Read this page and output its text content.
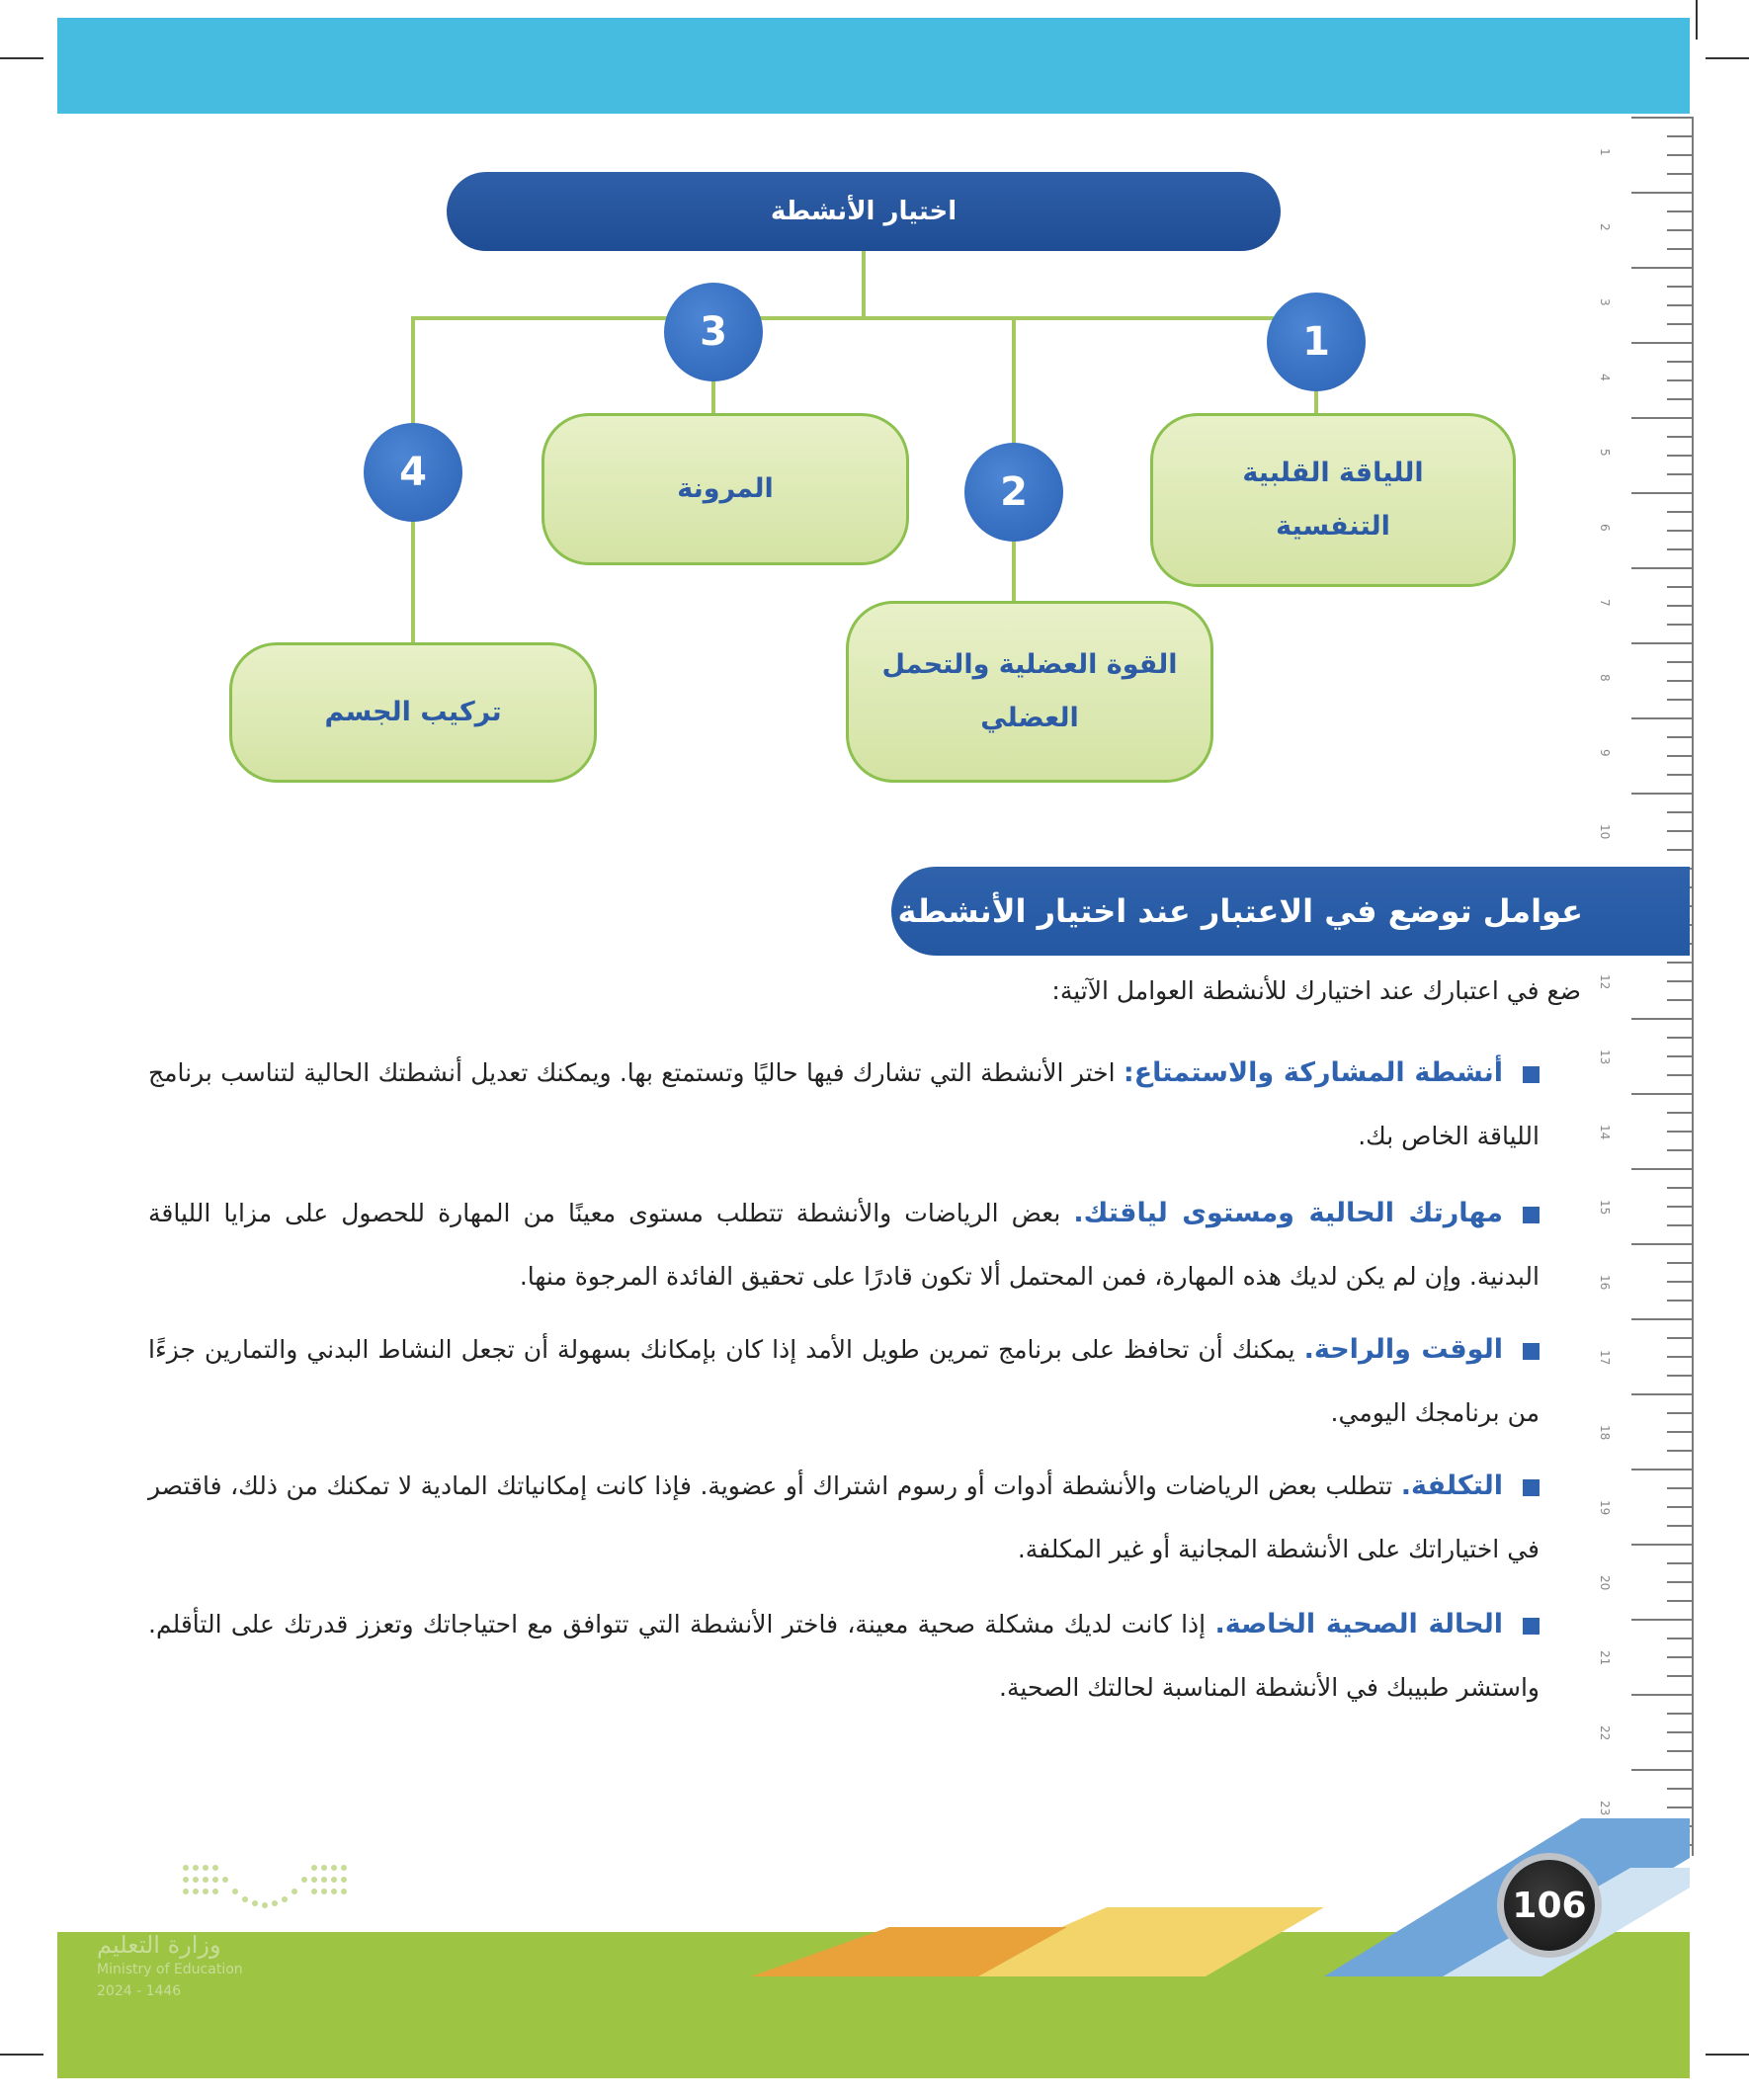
1
2
3
4
5
6
7
8
9
10
12
13
14
15
16
17
18
19
20
21
22
23
اختيار الأنشطة
اللياقة القلبية
التنفسية
1
القوة العضلية والتحمل
العضلي
2
المرونة
3
تركيب الجسم
4
عوامل توضع في الاعتبار عند اختيار الأنشطة
ضع في اعتبارك عند اختيارك للأنشطة العوامل الآتية:
أنشطة المشاركة والاستمتاع: اختر الأنشطة التي تشارك فيها حاليًا وتستمتع بها. ويمكنك تعديل أنشطتك الحالية لتناسب برنامج اللياقة الخاص بك.
مهارتك الحالية ومستوى لياقتك. بعض الرياضات والأنشطة تتطلب مستوى معينًا من المهارة للحصول على مزايا اللياقة البدنية. وإن لم يكن لديك هذه المهارة، فمن المحتمل ألا تكون قادرًا على تحقيق الفائدة المرجوة منها.
الوقت والراحة. يمكنك أن تحافظ على برنامج تمرين طويل الأمد إذا كان بإمكانك بسهولة أن تجعل النشاط البدني والتمارين جزءًا من برنامجك اليومي.
التكلفة. تتطلب بعض الرياضات والأنشطة أدوات أو رسوم اشتراك أو عضوية. فإذا كانت إمكانياتك المادية لا تمكنك من ذلك، فاقتصر في اختياراتك على الأنشطة المجانية أو غير المكلفة.
الحالة الصحية الخاصة. إذا كانت لديك مشكلة صحية معينة، فاختر الأنشطة التي تتوافق مع احتياجاتك وتعزز قدرتك على التأقلم. واستشر طبيبك في الأنشطة المناسبة لحالتك الصحية.
106
وزارة التعليم
Ministry of Education
2024 - 1446
